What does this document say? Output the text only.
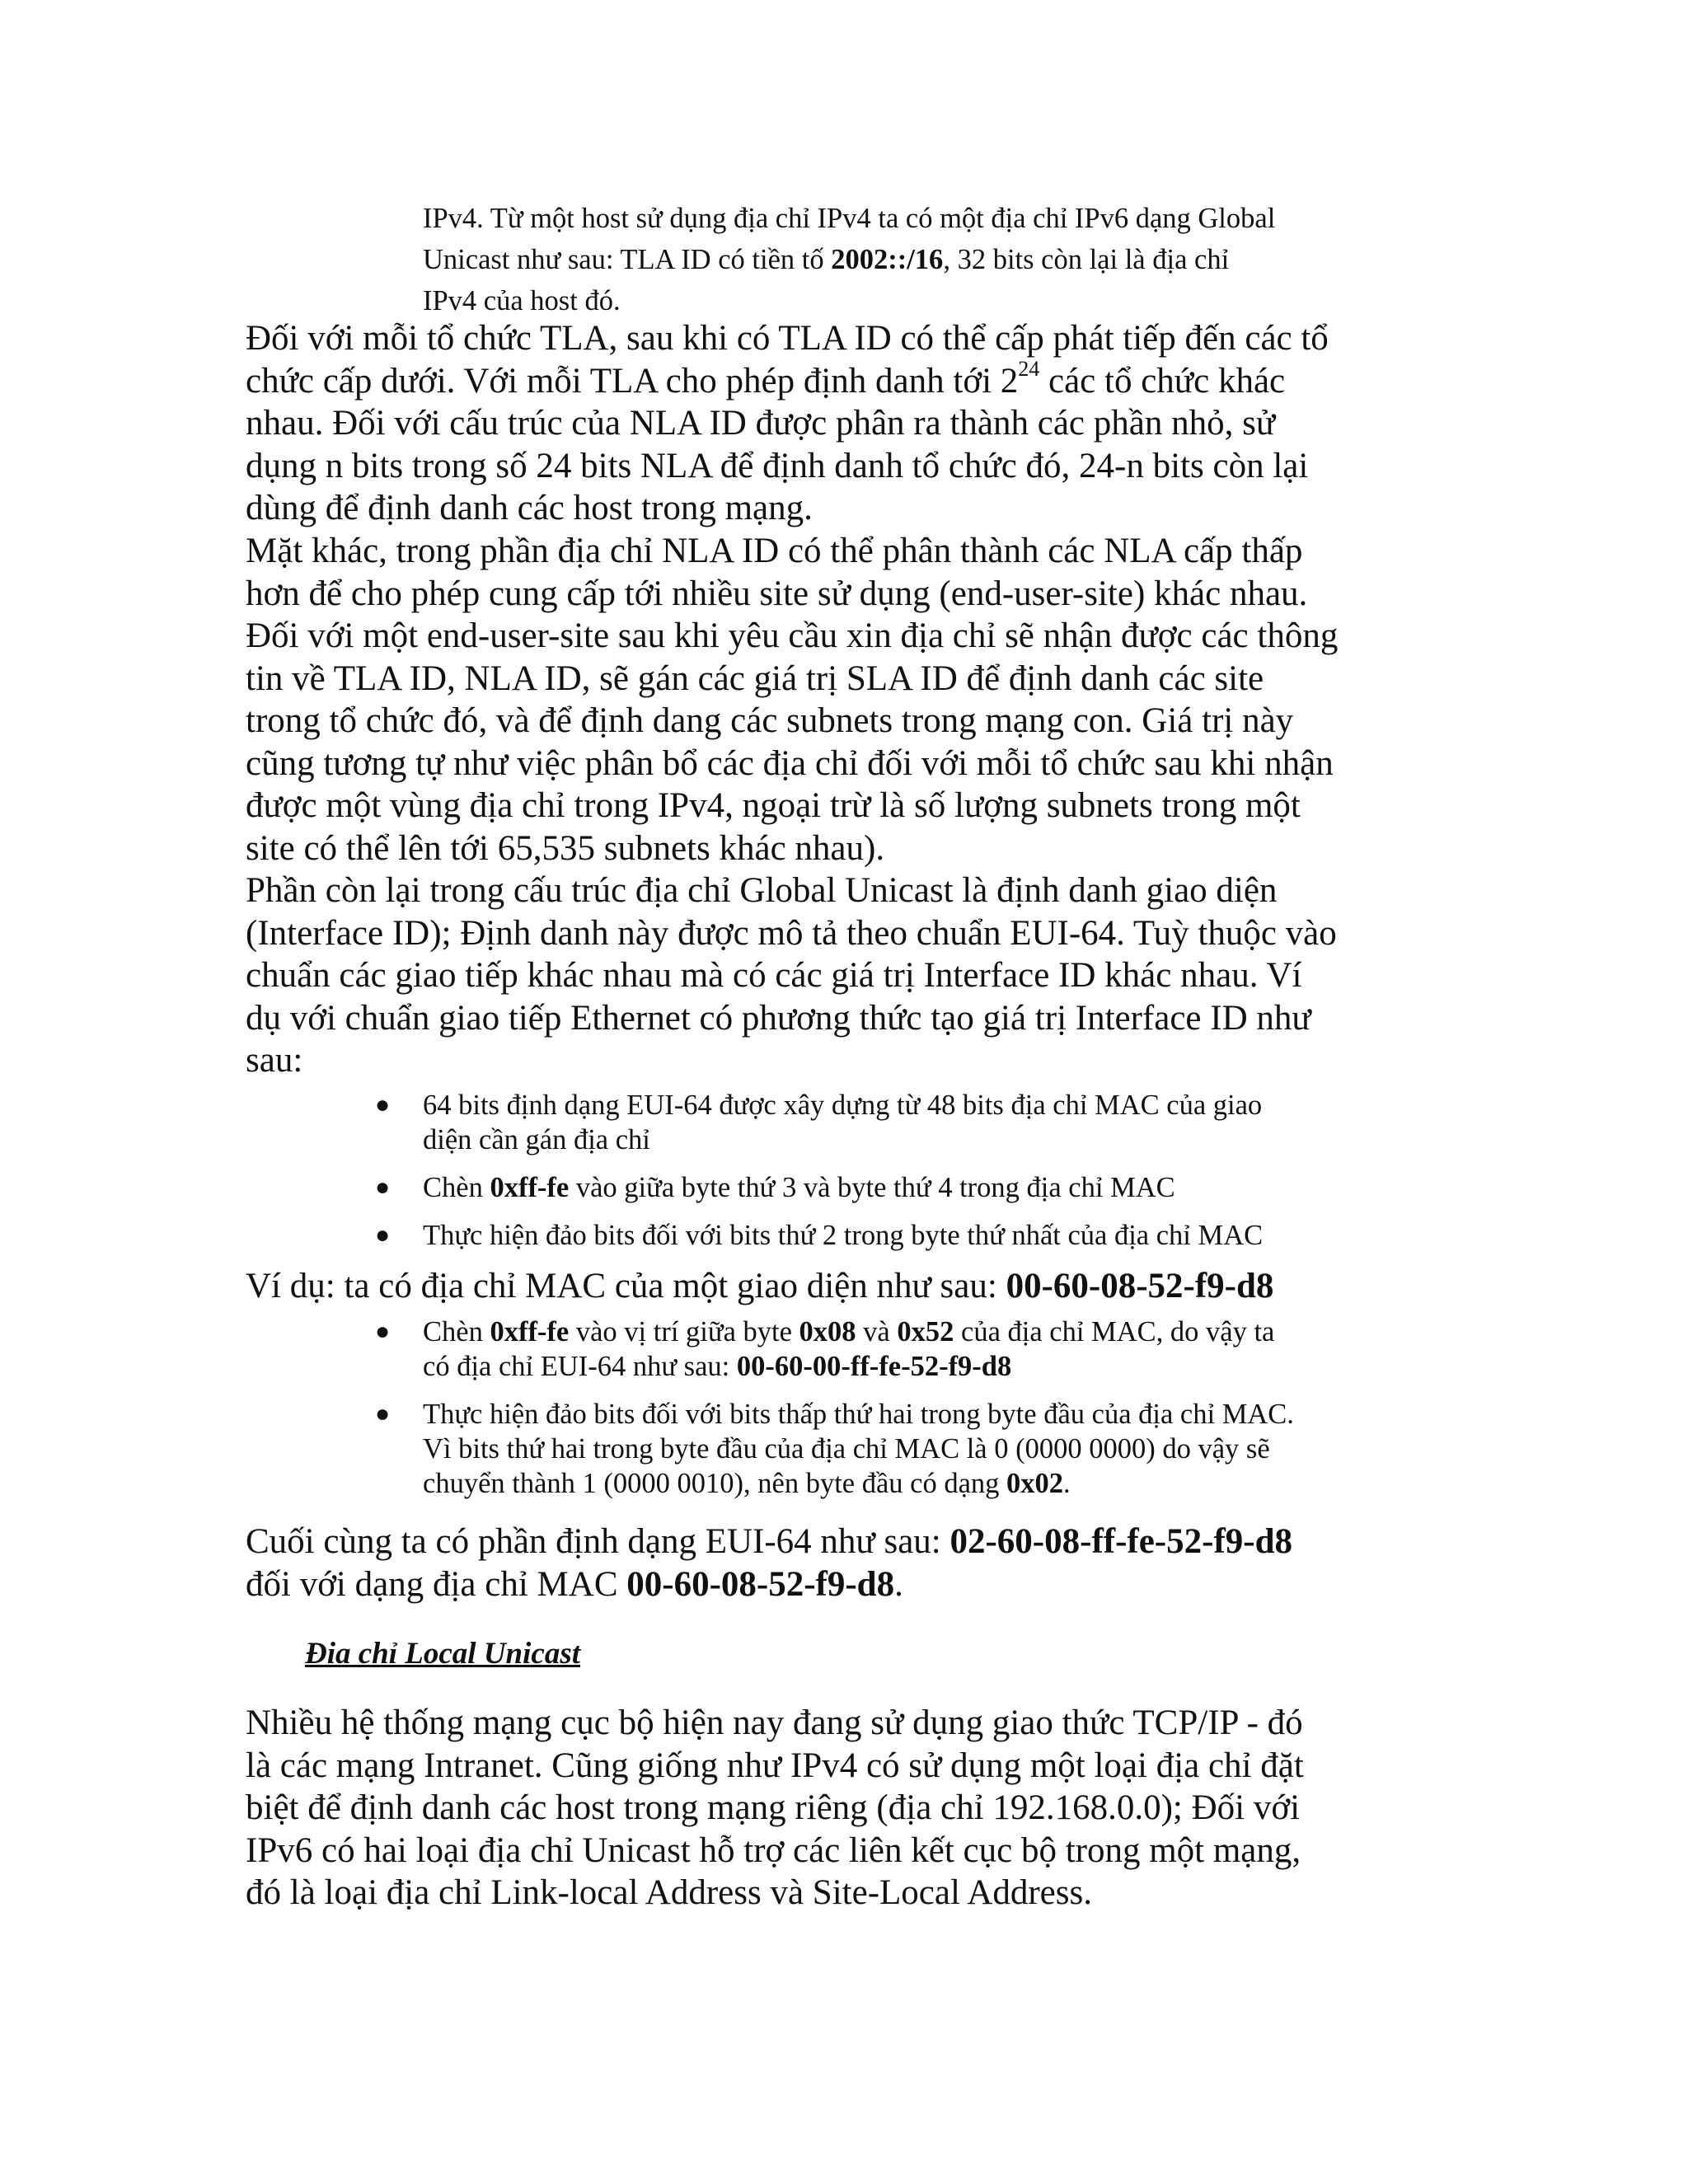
IPv4. Từ một host sử dụng địa chỉ IPv4 ta có một địa chỉ IPv6 dạng Global
Unicast như sau: TLA ID có tiền tố 2002::/16, 32 bits còn lại là địa chỉ
IPv4 của host đó.
Đối với mỗi tổ chức TLA, sau khi có TLA ID có thể cấp phát tiếp đến các tổ
chức cấp dưới. Với mỗi TLA cho phép định danh tới $2^{24}$ các tổ chức khác
nhau. Đối với cấu trúc của NLA ID được phân ra thành các phần nhỏ, sử
dụng n bits trong số 24 bits NLA để định danh tổ chức đó, 24-n bits còn lại
dùng để định danh các host trong mạng.
Mặt khác, trong phần địa chỉ NLA ID có thể phân thành các NLA cấp thấp
hơn để cho phép cung cấp tới nhiều site sử dụng (end-user-site) khác nhau.
Đối với một end-user-site sau khi yêu cầu xin địa chỉ sẽ nhận được các thông
tin về TLA ID, NLA ID, sẽ gán các giá trị SLA ID để định danh các site
trong tổ chức đó, và để định dang các subnets trong mạng con. Giá trị này
cũng tương tự như việc phân bổ các địa chỉ đối với mỗi tổ chức sau khi nhận
được một vùng địa chỉ trong IPv4, ngoại trừ là số lượng subnets trong một
site có thể lên tới 65,535 subnets khác nhau).
Phần còn lại trong cấu trúc địa chỉ Global Unicast là định danh giao diện
(Interface ID); Định danh này được mô tả theo chuẩn EUI-64. Tuỳ thuộc vào
chuẩn các giao tiếp khác nhau mà có các giá trị Interface ID khác nhau. Ví
dụ với chuẩn giao tiếp Ethernet có phương thức tạo giá trị Interface ID như
sau:
● 64 bits định dạng EUI-64 được xây dựng từ 48 bits địa chỉ MAC của giao
diện cần gán địa chỉ
● Chèn 0xff-fe vào giữa byte thứ 3 và byte thứ 4 trong địa chỉ MAC
● Thực hiện đảo bits đối với bits thứ 2 trong byte thứ nhất của địa chỉ MAC
Ví dụ: ta có địa chỉ MAC của một giao diện như sau: 00-60-08-52-f9-d8
● Chèn 0xff-fe vào vị trí giữa byte 0x08 và 0x52 của địa chỉ MAC, do vậy ta
có địa chỉ EUI-64 như sau: 00-60-00-ff-fe-52-f9-d8
● Thực hiện đảo bits đối với bits thấp thứ hai trong byte đầu của địa chỉ MAC.
Vì bits thứ hai trong byte đầu của địa chỉ MAC là 0 (0000 0000) do vậy sẽ
chuyển thành 1 (0000 0010), nên byte đầu có dạng 0x02.
Cuối cùng ta có phần định dạng EUI-64 như sau: 02-60-08-ff-fe-52-f9-d8
đối với dạng địa chỉ MAC 00-60-08-52-f9-d8.
Đia chỉ Local Unicast
Nhiều hệ thống mạng cục bộ hiện nay đang sử dụng giao thức TCP/IP - đó
là các mạng Intranet. Cũng giống như IPv4 có sử dụng một loại địa chỉ đặt
biệt để định danh các host trong mạng riêng (địa chỉ 192.168.0.0); Đối với
IPv6 có hai loại địa chỉ Unicast hỗ trợ các liên kết cục bộ trong một mạng,
đó là loại địa chỉ Link-local Address và Site-Local Address.
